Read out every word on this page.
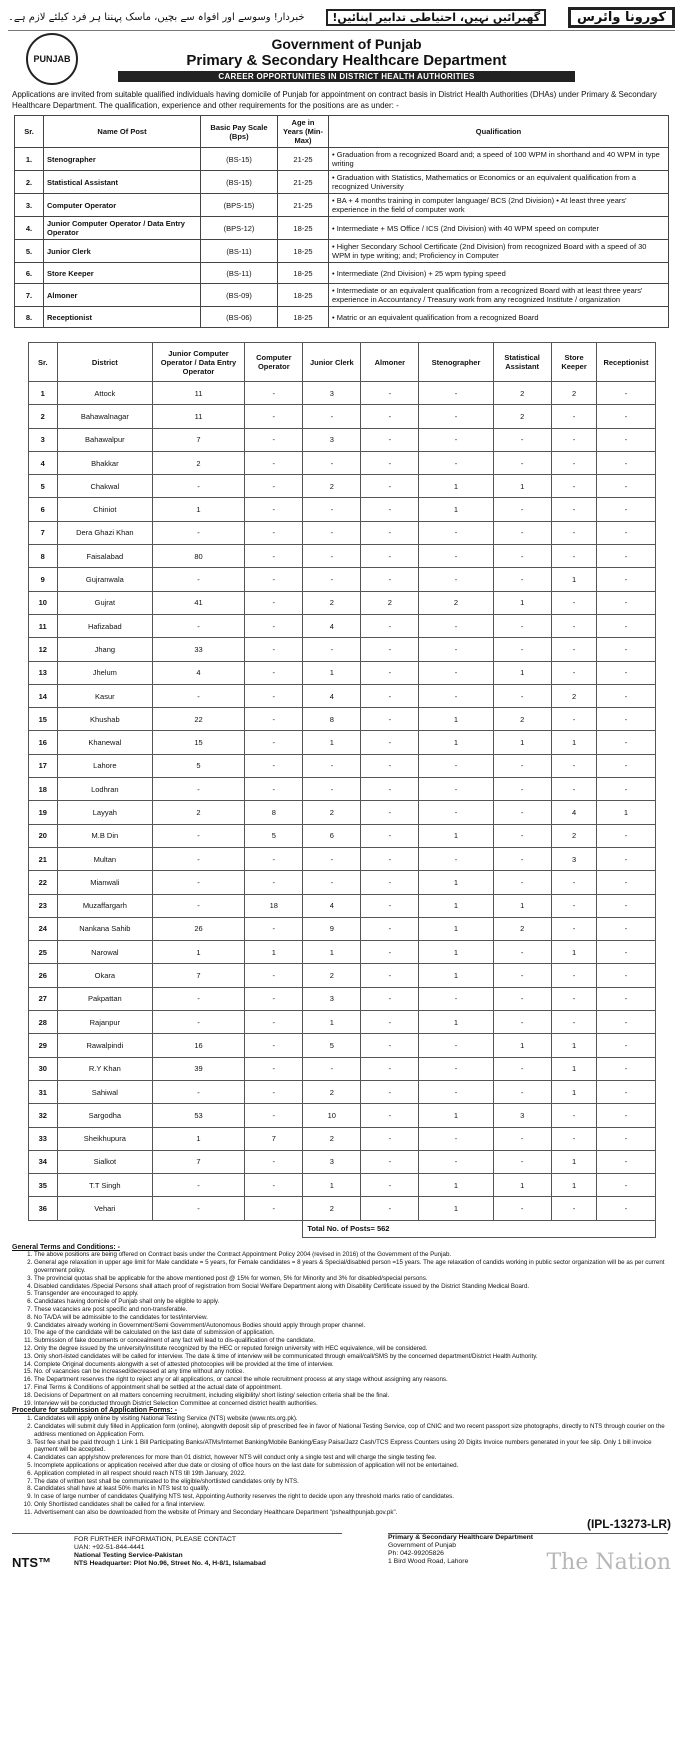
خبردار! وسوسے اور افواہ سے بچیں، ماسک پہننا ہر فرد کیلئے لازم ہے۔	گھبرائیں نہیں، احتیاطی تدابیر اپنائیں!	کورونا وائرس
PUNJAB
Government of Punjab
Primary & Secondary Healthcare Department
CAREER OPPORTUNITIES IN DISTRICT HEALTH AUTHORITIES
Applications are invited from suitable qualified individuals having domicile of Punjab for appointment on contract basis in District Health Authorities (DHAs) under Primary & Secondary Healthcare Department. The qualification, experience and other requirements for the positions are as under: -
Sr.	Name Of Post	Basic Pay Scale (Bps)	Age in Years (Min-Max)	Qualification
1.	Stenographer	(BS-15)	21-25	• Graduation from a recognized Board and; a speed of 100 WPM in shorthand and 40 WPM in type writing
2.	Statistical Assistant	(BS-15)	21-25	• Graduation with Statistics, Mathematics or Economics or an equivalent qualification from a recognized University
3.	Computer Operator	(BPS-15)	21-25	• BA + 4 months training in computer language/ BCS (2nd Division) • At least three years' experience in the field of computer work
4.	Junior Computer Operator / Data Entry Operator	(BPS-12)	18-25	• Intermediate + MS Office / ICS (2nd Division) with 40 WPM speed on computer
5.	Junior Clerk	(BS-11)	18-25	• Higher Secondary School Certificate (2nd Division) from recognized Board with a speed of 30 WPM in type writing; and; Proficiency in Computer
6.	Store Keeper	(BS-11)	18-25	• Intermediate (2nd Division) + 25 wpm typing speed
7.	Almoner	(BS-09)	18-25	• Intermediate or an equivalent qualification from a recognized Board with at least three years' experience in Accountancy / Treasury work from any recognized Institute / organization
8.	Receptionist	(BS-06)	18-25	• Matric or an equivalent qualification from a recognized Board
Sr.	District	Junior Computer Operator / Data Entry Operator	Computer Operator	Junior Clerk	Almoner	Stenographer	Statistical Assistant	Store Keeper	Receptionist
1	Attock	11	-	3	-	-	2	2	-
2	Bahawalnagar	11	-	-	-	-	2	-	-
3	Bahawalpur	7	-	3	-	-	-	-	-
4	Bhakkar	2	-	-	-	-	-	-	-
5	Chakwal	-	-	2	-	1	1	-	-
6	Chiniot	1	-	-	-	1	-	-	-
7	Dera Ghazi Khan	-	-	-	-	-	-	-	-
8	Faisalabad	80	-	-	-	-	-	-	-
9	Gujranwala	-	-	-	-	-	-	1	-
10	Gujrat	41	-	2	2	2	1	-	-
11	Hafizabad	-	-	4	-	-	-	-	-
12	Jhang	33	-	-	-	-	-	-	-
13	Jhelum	4	-	1	-	-	1	-	-
14	Kasur	-	-	4	-	-	-	2	-
15	Khushab	22	-	8	-	1	2	-	-
16	Khanewal	15	-	1	-	1	1	1	-
17	Lahore	5	-	-	-	-	-	-	-
18	Lodhran	-	-	-	-	-	-	-	-
19	Layyah	2	8	2	-	-	-	4	1
20	M.B Din	-	5	6	-	1	-	2	-
21	Multan	-	-	-	-	-	-	3	-
22	Mianwali	-	-	-	-	1	-	-	-
23	Muzaffargarh	-	18	4	-	1	1	-	-
24	Nankana Sahib	26	-	9	-	1	2	-	-
25	Narowal	1	1	1	-	1	-	1	-
26	Okara	7	-	2	-	1	-	-	-
27	Pakpattan	-	-	3	-	-	-	-	-
28	Rajanpur	-	-	1	-	1	-	-	-
29	Rawalpindi	16	-	5	-	-	1	1	-
30	R.Y Khan	39	-	-	-	-	-	1	-
31	Sahiwal	-	-	2	-	-	-	1	-
32	Sargodha	53	-	10	-	1	3	-	-
33	Sheikhupura	1	7	2	-	-	-	-	-
34	Sialkot	7	-	3	-	-	-	1	-
35	T.T Singh	-	-	1	-	1	1	1	-
36	Vehari	-	-	2	-	1	-	-	-
				Total No. of Posts= 562					
General Terms and Conditions: -
1. The above positions are being offered on Contract basis under the Contract Appointment Policy 2004 (revised in 2016) of the Government of the Punjab.
2. General age relaxation in upper age limit for Male candidate = 5 years, for Female candidates = 8 years & Special/disabled person =15 years. The age relaxation of candids working in public sector organization will be as per current government policy.
3. The provincial quotas shall be applicable for the above mentioned post @ 15% for women, 5% for Minority and 3% for disabled/special persons.
4. Disabled candidates /Special Persons shall attach proof of registration from Social Welfare Department along with Disability Certificate issued by the District Standing Medical Board.
5. Transgender are encouraged to apply.
6. Candidates having domicile of Punjab shall only be eligible to apply.
7. These vacancies are post specific and non-transferable.
8. No TA/DA will be admissible to the candidates for test/interview.
9. Candidates already working in Government/Semi Government/Autonomous Bodies should apply through proper channel.
10. The age of the candidate will be calculated on the last date of submission of application.
11. Submission of fake documents or concealment of any fact will lead to dis-qualification of the candidate.
12. Only the degree issued by the university/institute recognized by the HEC or reputed foreign university with HEC equivalence, will be considered.
13. Only short-listed candidates will be called for interview. The date & time of interview will be communicated through email/call/SMS by the concerned department/District Health Authority.
14. Complete Original documents alongwith a set of attested photocopies will be provided at the time of interview.
15. No. of vacancies can be increased/decreased at any time without any notice.
16. The Department reserves the right to reject any or all applications, or cancel the whole recruitment process at any stage without assigning any reasons.
17. Final Terms & Conditions of appointment shall be settled at the actual date of appointment.
18. Decisions of Department on all matters concerning recruitment, including eligibility/ short listing/ selection criteria shall be the final.
19. Interview will be conducted through District Selection Committee at concerned district health authorities.
Procedure for submission of Application Forms: -
1. Candidates will apply online by visiting National Testing Service (NTS) website (www.nts.org.pk).
2. Candidates will submit duly filled in Application form (online), alongwith deposit slip of prescribed fee in favor of National Testing Service, cop of CNIC and two recent passport size photographs, directly to NTS through courier on the address mentioned on Application Form.
3. Test fee shall be paid through 1 Link 1 Bill Participating Banks/ATMs/Internet Banking/Mobile Banking/Easy Paisa/Jazz Cash/TCS Express Counters using 20 Digits Invoice numbers generated in your fee slip. Only 1 bill invoice payment will be accepted.
4. Candidates can apply/show preferences for more than 01 district, however NTS will conduct only a single test and will charge the single testing fee.
5. Incomplete applications or application received after due date or closing of office hours on the last date for submission of application will not be entertained.
6. Application completed in all respect should reach NTS till 19th January, 2022.
7. The date of written test shall be communicated to the eligible/shortlisted candidates only by NTS.
8. Candidates shall have at least 50% marks in NTS test to qualify.
9. In case of large number of candidates Qualifying NTS test, Appointing Authority reserves the right to decide upon any threshold marks ratio of candidates.
10. Only Shortlisted candidates shall be called for a final interview.
11. Advertisement can also be downloaded from the website of Primary and Secondary Healthcare Department "pshealthpunjab.gov.pk".
(IPL-13273-LR)
NTS™
FOR FURTHER INFORMATION, PLEASE CONTACT
UAN: +92-51-844-4441
National Testing Service-Pakistan
NTS Headquarter: Plot No.96, Street No. 4, H-8/1, Islamabad
Primary & Secondary Healthcare Department
Government of Punjab
Ph: 042-99205826
1 Bird Wood Road, Lahore	The Nation
